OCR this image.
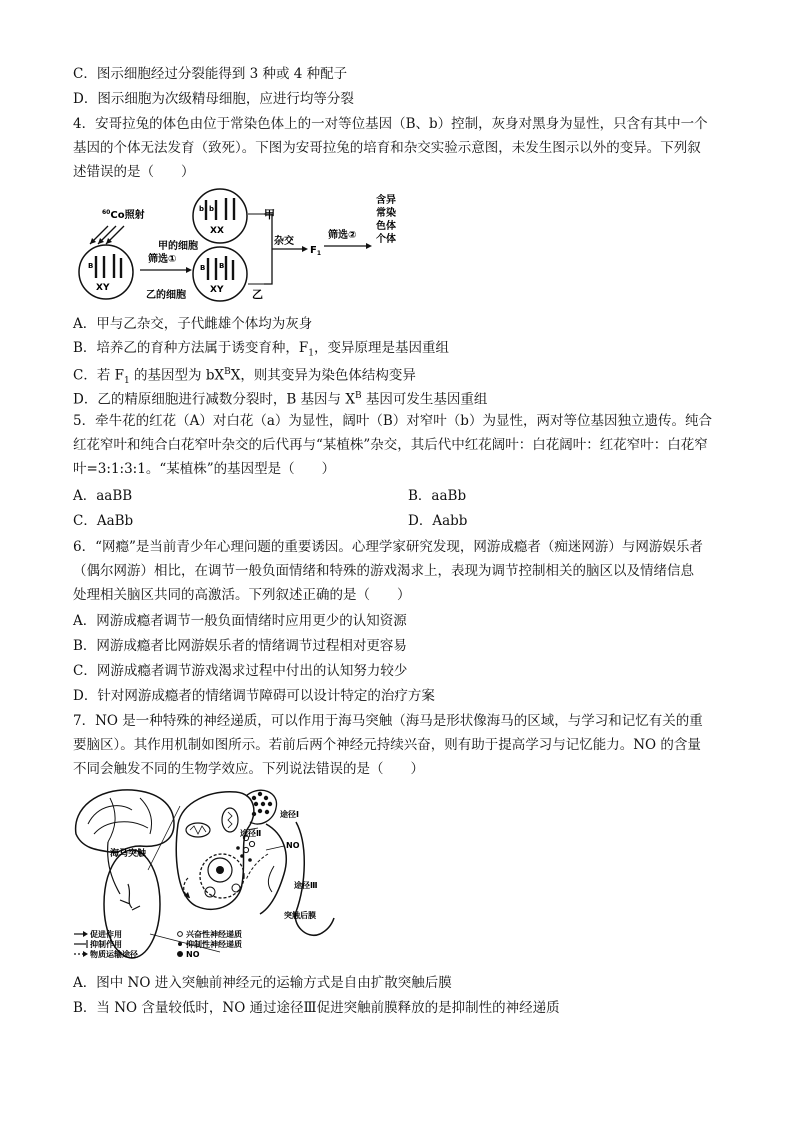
C．图示细胞经过分裂能得到 3 种或 4 种配子
D．图示细胞为次级精母细胞，应进行均等分裂
4．安哥拉兔的体色由位于常染色体上的一对等位基因（B、b）控制，灰身对黑身为显性，只含有其中一个
基因的个体无法发育（致死）。下图为安哥拉兔的培育和杂交实验示意图，未发生图示以外的变异。下列叙
述错误的是（　　）
$^{60}$Co照射
b b
XX
甲
甲的细胞
B
XY
筛选①
B B
XY
乙的细胞	乙
杂交
$F_1$
筛选②
含异
常染
色体
个体
A．甲与乙杂交，子代雌雄个体均为灰身
B．培养乙的育种方法属于诱变育种，$F_1$，变异原理是基因重组
C．若 $F_1$ 的基因型为 $bX^BX$，则其变异为染色体结构变异
D．乙的精原细胞进行减数分裂时，B 基因与 $X^B$ 基因可发生基因重组
5．牵牛花的红花（A）对白花（a）为显性，阔叶（B）对窄叶（b）为显性，两对等位基因独立遗传。纯合
红花窄叶和纯合白花窄叶杂交的后代再与“某植株”杂交，其后代中红花阔叶：白花阔叶：红花窄叶：白花窄
叶=3:1:3:1。“某植株”的基因型是（　　）
A．aaBB	B．aaBb
C．AaBb	D．Aabb
6．“网瘾”是当前青少年心理问题的重要诱因。心理学家研究发现，网游成瘾者（痴迷网游）与网游娱乐者
（偶尔网游）相比，在调节一般负面情绪和特殊的游戏渴求上，表现为调节控制相关的脑区以及情绪信息
处理相关脑区共同的高激活。下列叙述正确的是（　　）
A．网游成瘾者调节一般负面情绪时应用更少的认知资源
B．网游成瘾者比网游娱乐者的情绪调节过程相对更容易
C．网游成瘾者调节游戏渴求过程中付出的认知努力较少
D．针对网游成瘾者的情绪调节障碍可以设计特定的治疗方案
7．NO 是一种特殊的神经递质，可以作用于海马突触（海马是形状像海马的区域，与学习和记忆有关的重
要脑区）。其作用机制如图所示。若前后两个神经元持续兴奋，则有助于提高学习与记忆能力。NO 的含量
不同会触发不同的生物学效应。下列说法错误的是（　　）
海马突触
途径Ⅰ
途径Ⅱ
NO
途径Ⅲ
突触后膜
促进作用
抑制作用
物质运输途径
兴奋性神经递质
抑制性神经递质
NO
A．图中 NO 进入突触前神经元的运输方式是自由扩散突触后膜
B．当 NO 含量较低时，NO 通过途径Ⅲ促进突触前膜释放的是抑制性的神经递质
